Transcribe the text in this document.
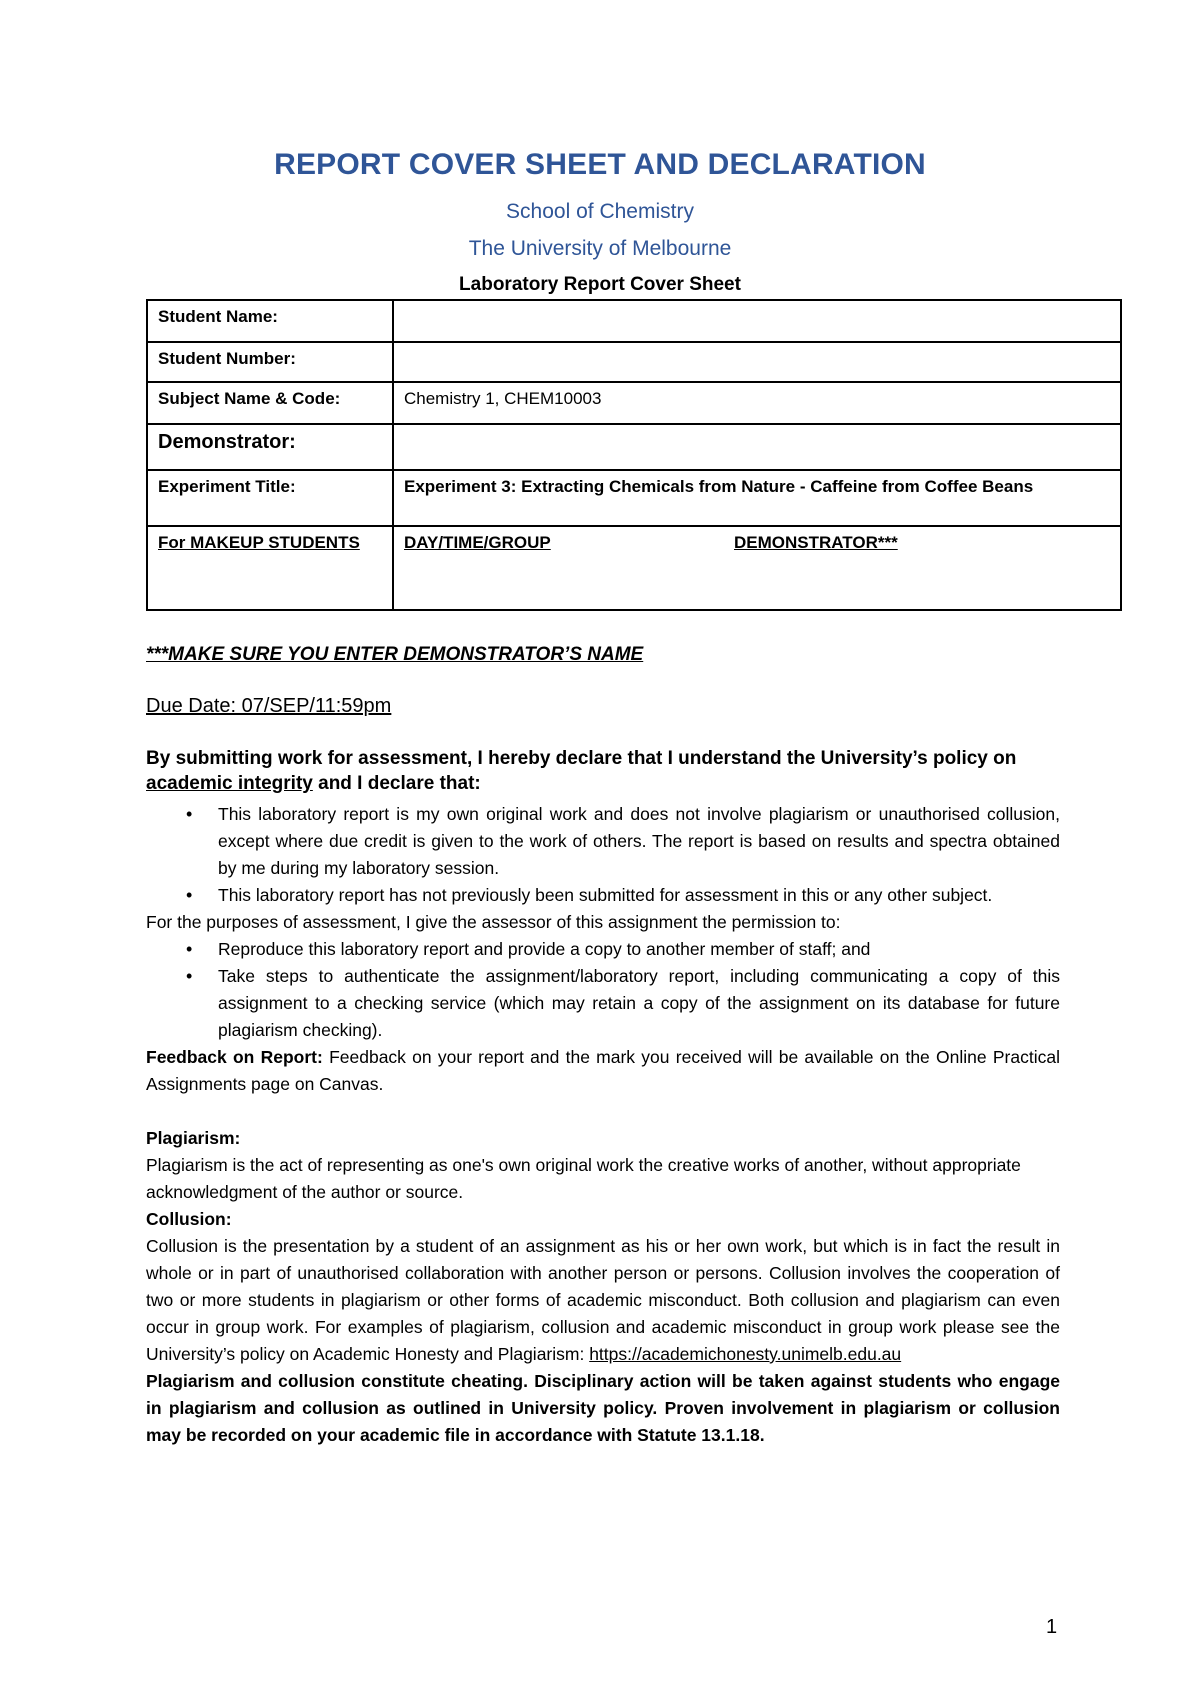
REPORT COVER SHEET AND DECLARATION
School of Chemistry
The University of Melbourne
Laboratory Report Cover Sheet
Student Name:	
Student Number:	
Subject Name & Code:	Chemistry 1, CHEM10003
Demonstrator:	
Experiment Title:	Experiment 3: Extracting Chemicals from Nature - Caffeine from Coffee Beans
For MAKEUP STUDENTS	DAY/TIME/GROUP DEMONSTRATOR***
***MAKE SURE YOU ENTER DEMONSTRATOR’S NAME
Due Date: 07/SEP/11:59pm
By submitting work for assessment, I hereby declare that I understand the University’s policy on academic integrity and I declare that:
• This laboratory report is my own original work and does not involve plagiarism or unauthorised collusion, except where due credit is given to the work of others. The report is based on results and spectra obtained by me during my laboratory session.
• This laboratory report has not previously been submitted for assessment in this or any other subject.

For the purposes of assessment, I give the assessor of this assignment the permission to:

• Reproduce this laboratory report and provide a copy to another member of staff; and
• Take steps to authenticate the assignment/laboratory report, including communicating a copy of this assignment to a checking service (which may retain a copy of the assignment on its database for future plagiarism checking).

Feedback on Report: Feedback on your report and the mark you received will be available on the Online Practical Assignments page on Canvas.

Plagiarism:

Plagiarism is the act of representing as one's own original work the creative works of another, without appropriate acknowledgment of the author or source.

Collusion:

Collusion is the presentation by a student of an assignment as his or her own work, but which is in fact the result in whole or in part of unauthorised collaboration with another person or persons. Collusion involves the cooperation of two or more students in plagiarism or other forms of academic misconduct. Both collusion and plagiarism can even occur in group work. For examples of plagiarism, collusion and academic misconduct in group work please see the University’s policy on Academic Honesty and Plagiarism: https://academichonesty.unimelb.edu.au

Plagiarism and collusion constitute cheating. Disciplinary action will be taken against students who engage in plagiarism and collusion as outlined in University policy. Proven involvement in plagiarism or collusion may be recorded on your academic file in accordance with Statute 13.1.18.

1
